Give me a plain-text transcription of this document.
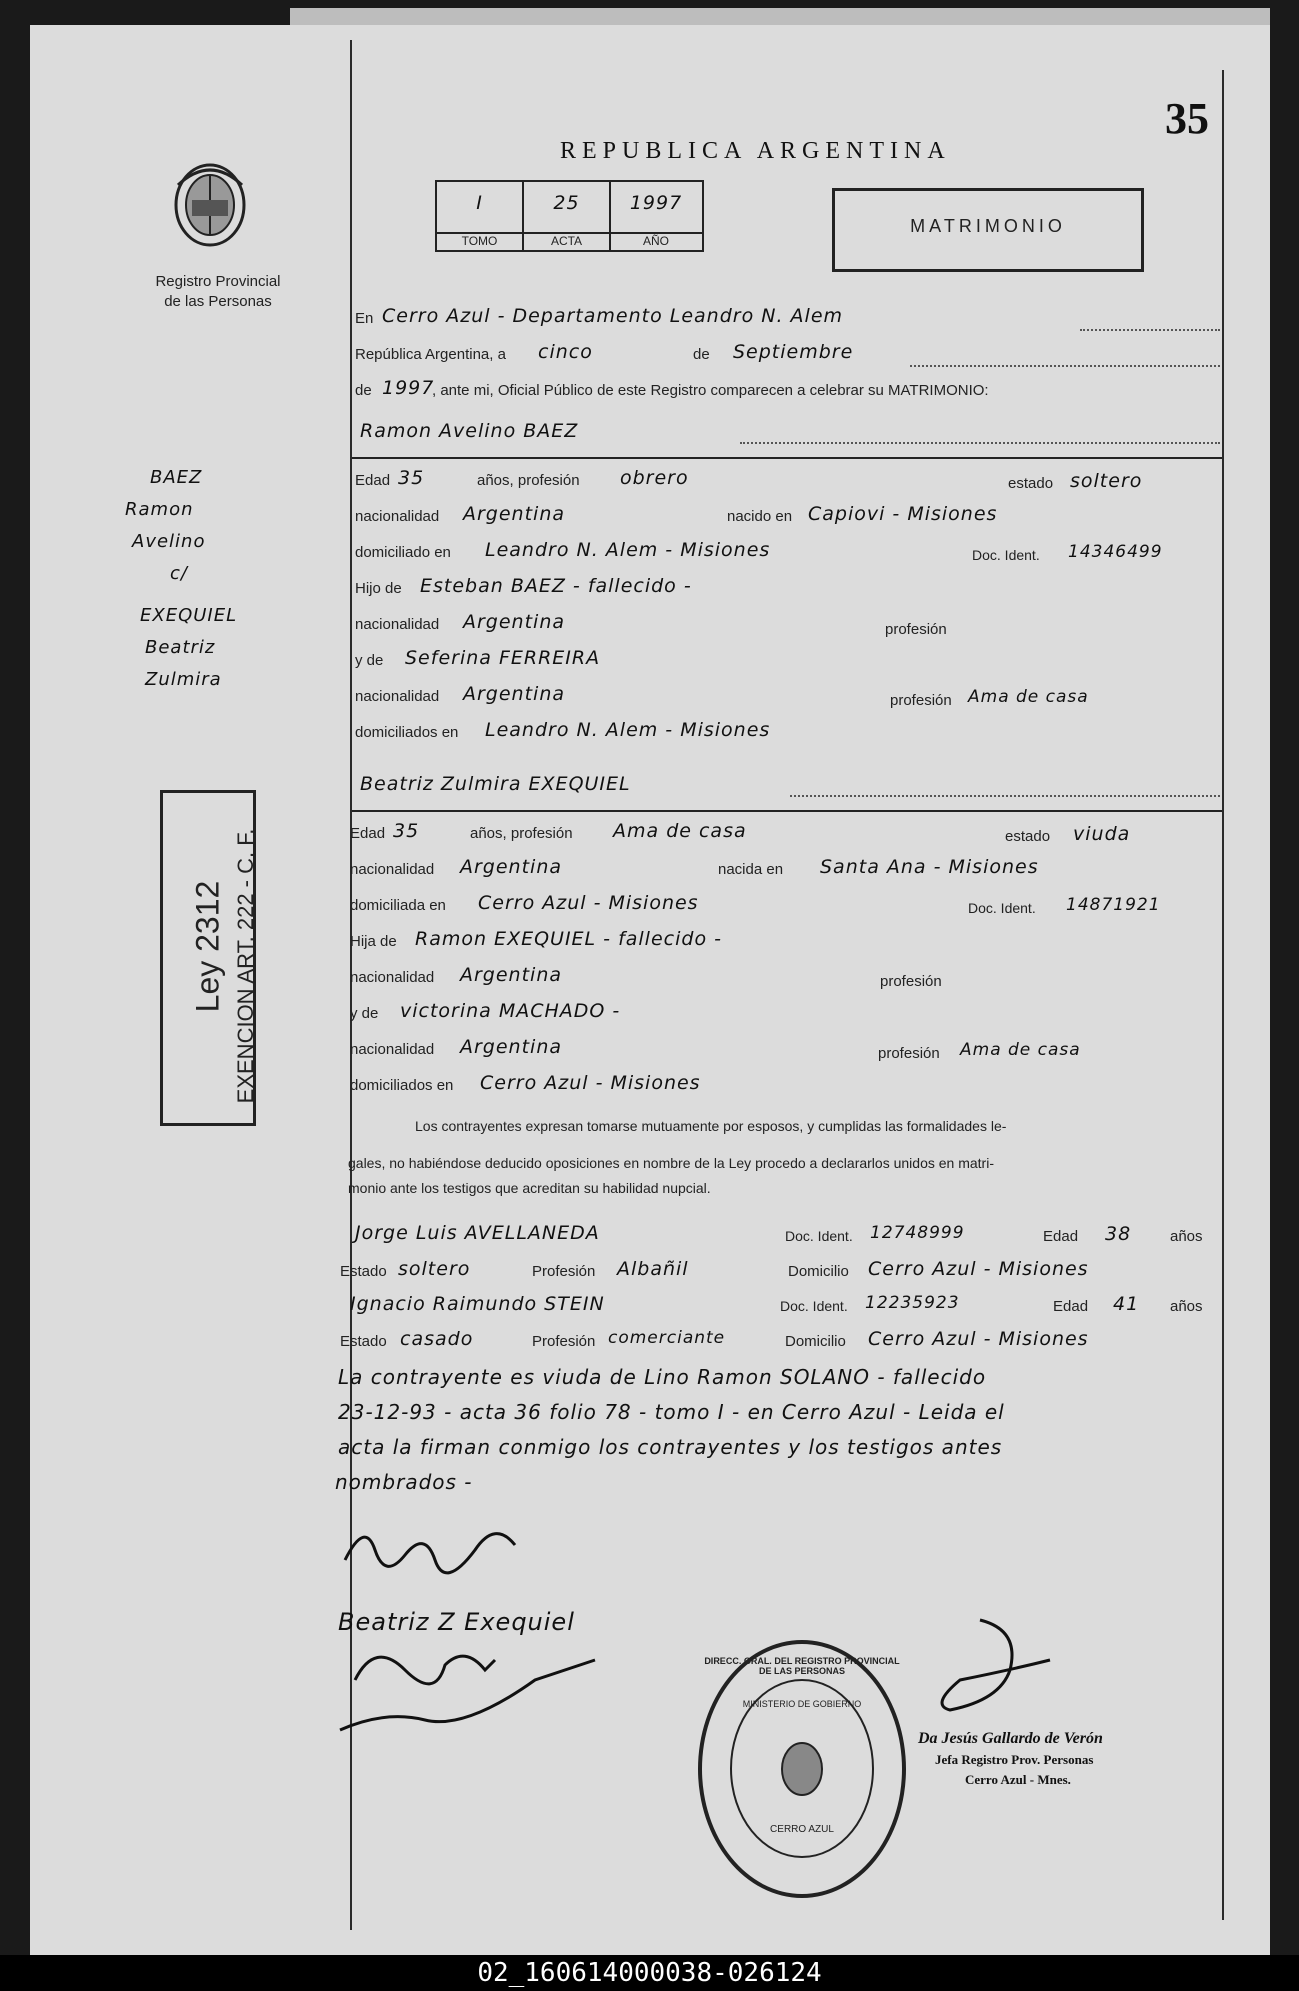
35
Registro Provincial
de las Personas
REPUBLICA ARGENTINA
I	25	1997
TOMO	ACTA	AÑO
MATRIMONIO
En Cerro Azul - Departamento Leandro N. Alem
República Argentina, a cinco	de Septiembre
de 1997
, ante mi, Oficial Público de este Registro comparecen a celebrar su MATRIMONIO:
Ramon Avelino BAEZ
Edad 35	años, profesión obrero	estado soltero
nacionalidad Argentina	nacido en Capiovi - Misiones
domiciliado en Leandro N. Alem - Misiones	Doc. Ident. 14346499
Hijo de Esteban BAEZ - fallecido -
nacionalidad Argentina	profesión
y de Seferina FERREIRA
nacionalidad Argentina	profesión Ama de casa
domiciliados en Leandro N. Alem - Misiones
Beatriz Zulmira EXEQUIEL
Edad 35	años, profesión Ama de casa	estado viuda
nacionalidad Argentina	nacida en Santa Ana - Misiones
domiciliada en Cerro Azul - Misiones	Doc. Ident. 14871921
Hija de Ramon EXEQUIEL - fallecido -
nacionalidad Argentina	profesión
y de victorina MACHADO -
nacionalidad Argentina	profesión Ama de casa
domiciliados en Cerro Azul - Misiones
Los contrayentes expresan tomarse mutuamente por esposos, y cumplidas las formalidades le-
gales, no habiéndose deducido oposiciones en nombre de la Ley procedo a declararlos unidos en matri-
monio ante los testigos que acreditan su habilidad nupcial.
Jorge Luis AVELLANEDA	Doc. Ident. 12748999	Edad 38	años
Estado soltero	Profesión Albañil	Domicilio Cerro Azul - Misiones
Ignacio Raimundo STEIN	Doc. Ident. 12235923	Edad 41 años
Estado casado	Profesión comerciante	Domicilio Cerro Azul - Misiones
La contrayente es viuda de Lino Ramon SOLANO - fallecido
23-12-93 - acta 36 folio 78 - tomo I - en Cerro Azul - Leida el
acta la firman conmigo los contrayentes y los testigos antes
nombrados -
BAEZ
Ramon
Avelino
c/
EXEQUIEL
Beatriz
Zulmira
Ley 2312 EXENCION ART. 222 - C. F.
Beatriz Z Exequiel
DIRECC. GRAL. DEL REGISTRO PROVINCIAL DE LAS PERSONAS
MINISTERIO DE GOBIERNO
CERRO AZUL
Da Jesús Gallardo de Verón
Jefa Registro Prov. Personas
Cerro Azul - Mnes.
02_160614000038-026124
